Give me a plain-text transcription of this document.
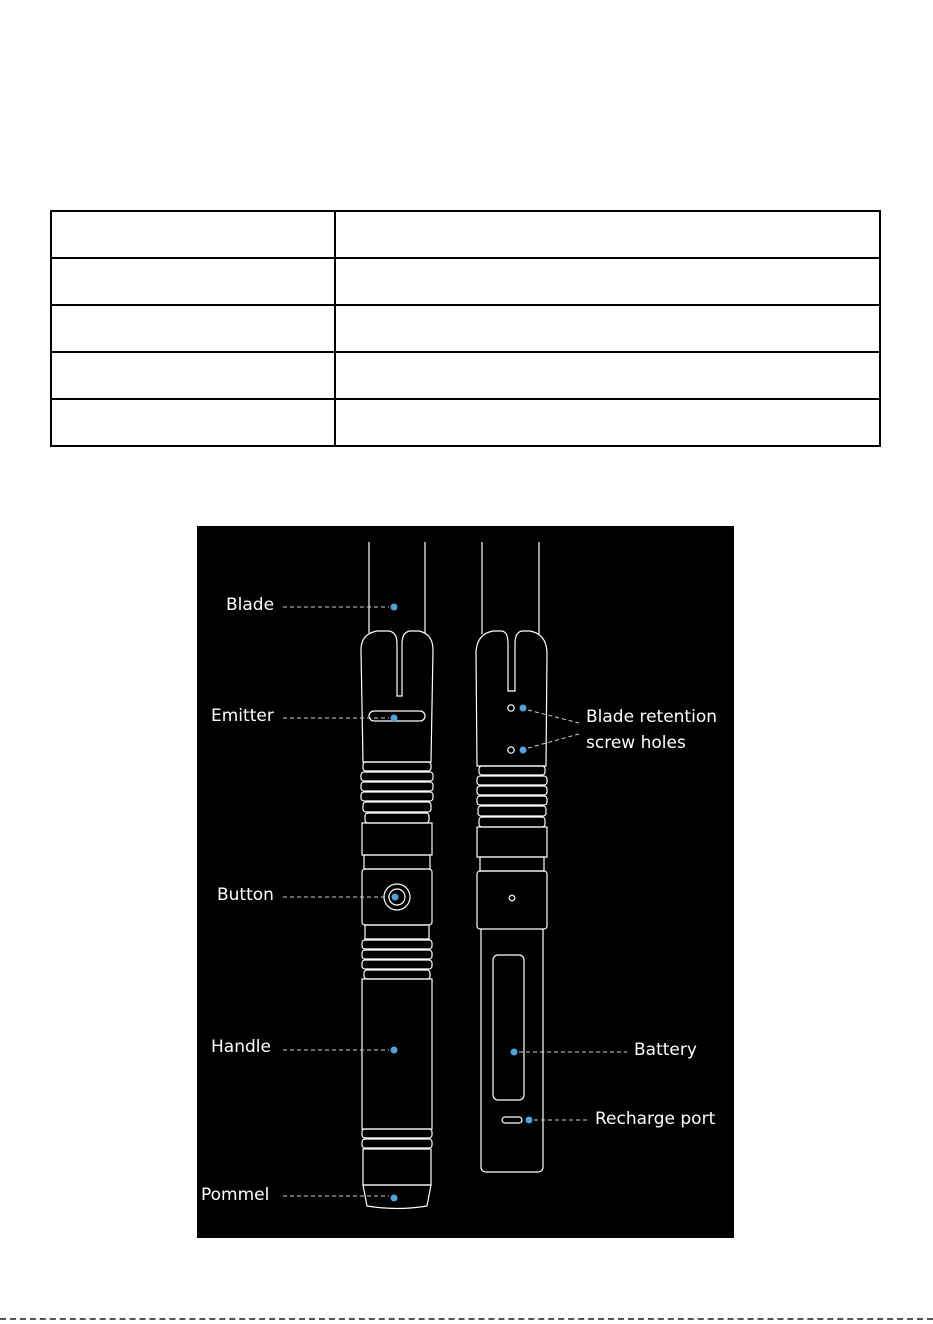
Blade
Emitter
Button
Handle
Pommel
Blade retention
screw holes
Battery
Recharge port
